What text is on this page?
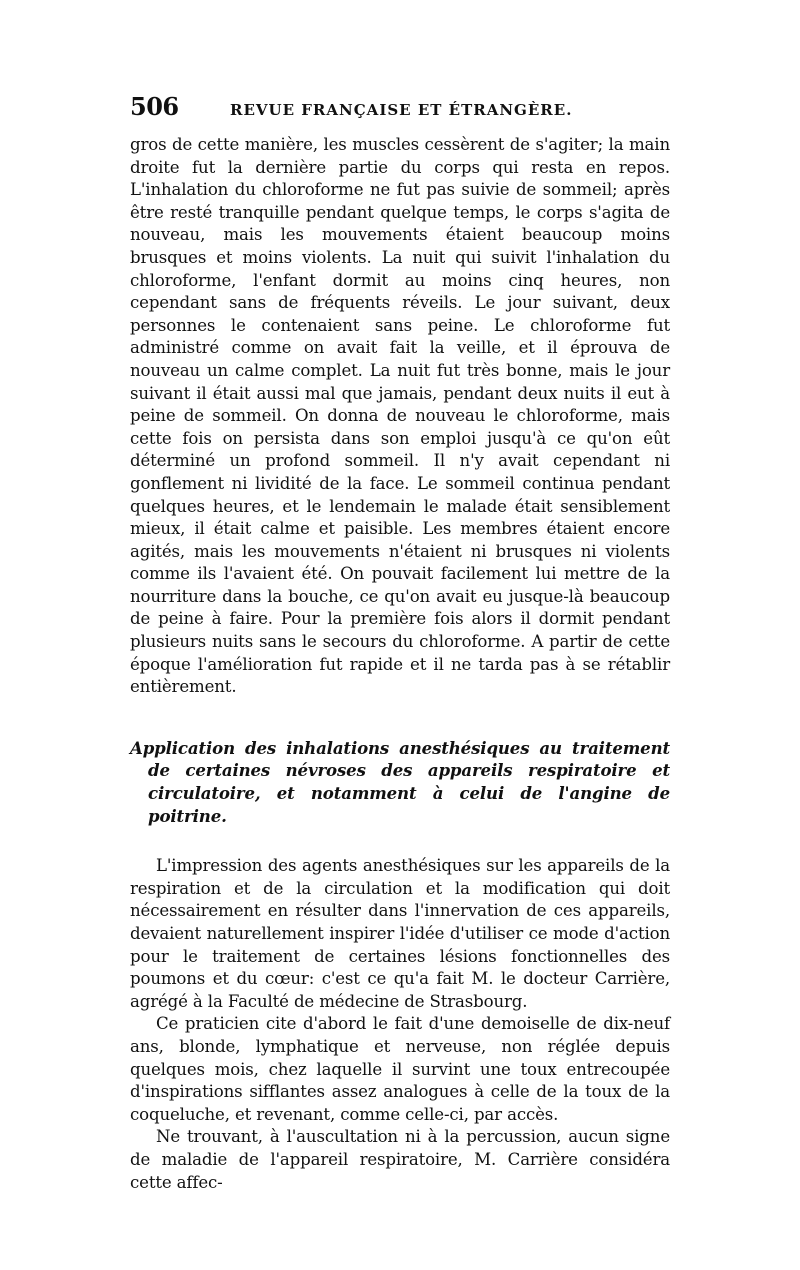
506	REVUE FRANÇAISE ET ÉTRANGÈRE.

gros de cette manière, les muscles cessèrent de s'agiter; la main droite fut la dernière partie du corps qui resta en repos. L'inhalation du chloroforme ne fut pas suivie de sommeil; après être resté tranquille pendant quelque temps, le corps s'agita de nouveau, mais les mouvements étaient beaucoup moins brusques et moins violents. La nuit qui suivit l'inhalation du chloroforme, l'enfant dormit au moins cinq heures, non cependant sans de fréquents réveils. Le jour suivant, deux personnes le contenaient sans peine. Le chloroforme fut administré comme on avait fait la veille, et il éprouva de nouveau un calme complet. La nuit fut très bonne, mais le jour suivant il était aussi mal que jamais, pendant deux nuits il eut à peine de sommeil. On donna de nouveau le chloroforme, mais cette fois on persista dans son emploi jusqu'à ce qu'on eût déterminé un profond sommeil. Il n'y avait cependant ni gonflement ni lividité de la face. Le sommeil continua pendant quelques heures, et le lendemain le malade était sensiblement mieux, il était calme et paisible. Les membres étaient encore agités, mais les mouvements n'étaient ni brusques ni violents comme ils l'avaient été. On pouvait facilement lui mettre de la nourriture dans la bouche, ce qu'on avait eu jusque-là beaucoup de peine à faire. Pour la première fois alors il dormit pendant plusieurs nuits sans le secours du chloroforme. A partir de cette époque l'amélioration fut rapide et il ne tarda pas à se rétablir entièrement.

Application des inhalations anesthésiques au traitement de certaines névroses des appareils respiratoire et circulatoire, et notamment à celui de l'angine de poitrine.

L'impression des agents anesthésiques sur les appareils de la respiration et de la circulation et la modification qui doit nécessairement en résulter dans l'innervation de ces appareils, devaient naturellement inspirer l'idée d'utiliser ce mode d'action pour le traitement de certaines lésions fonctionnelles des poumons et du cœur: c'est ce qu'a fait M. le docteur Carrière, agrégé à la Faculté de médecine de Strasbourg.

Ce praticien cite d'abord le fait d'une demoiselle de dix-neuf ans, blonde, lymphatique et nerveuse, non réglée depuis quelques mois, chez laquelle il survint une toux entrecoupée d'inspirations sifflantes assez analogues à celle de la toux de la coqueluche, et revenant, comme celle-ci, par accès.

Ne trouvant, à l'auscultation ni à la percussion, aucun signe de maladie de l'appareil respiratoire, M. Carrière considéra cette affec-
